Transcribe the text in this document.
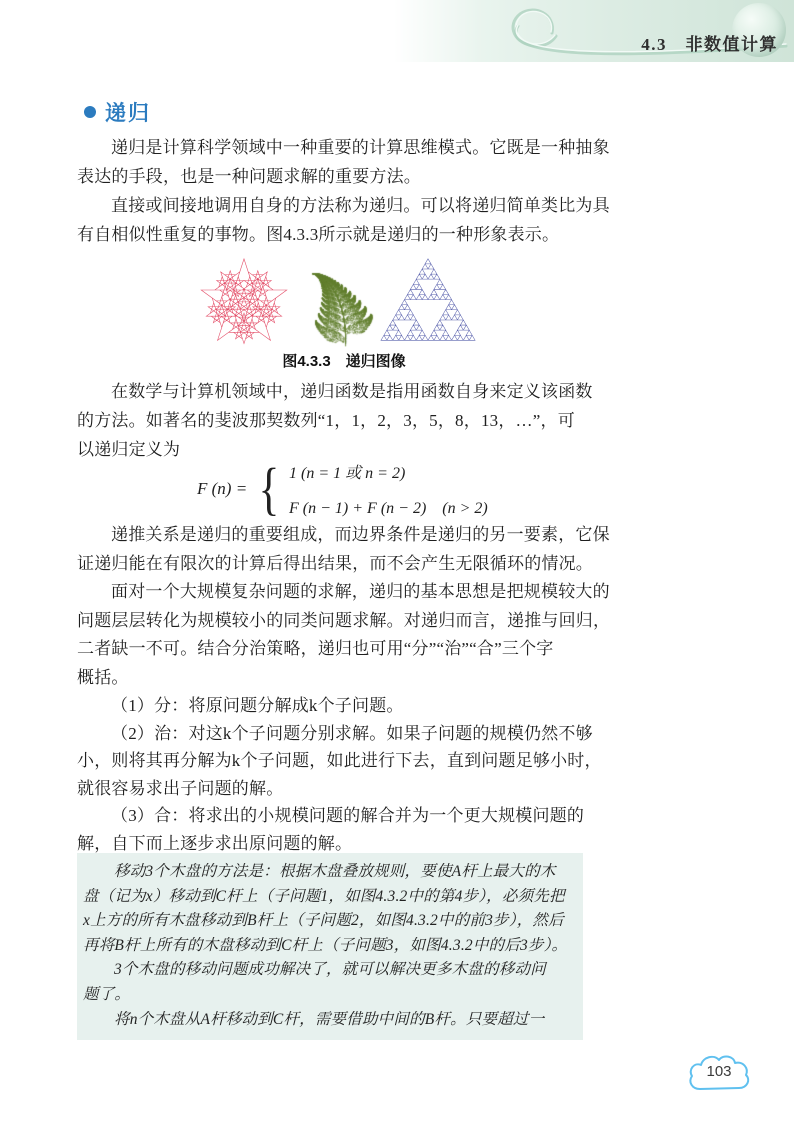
4.3　非数值计算
递归
递归是计算科学领域中一种重要的计算思维模式。它既是一种抽象
表达的手段，也是一种问题求解的重要方法。
直接或间接地调用自身的方法称为递归。可以将递归简单类比为具
有自相似性重复的事物。图4.3.3所示就是递归的一种形象表示。
图4.3.3　递归图像
在数学与计算机领域中，递归函数是指用函数自身来定义该函数
的方法。如著名的斐波那契数列“1，1，2，3，5，8，13，…”，可
以递归定义为
F (n) = { 1 (n = 1 或 n = 2)
F (n − 1) + F (n − 2)　(n > 2)
递推关系是递归的重要组成，而边界条件是递归的另一要素，它保
证递归能在有限次的计算后得出结果，而不会产生无限循环的情况。
面对一个大规模复杂问题的求解，递归的基本思想是把规模较大的
问题层层转化为规模较小的同类问题求解。对递归而言，递推与回归，
二者缺一不可。结合分治策略，递归也可用“分”“治”“合”三个字
概括。
（1）分：将原问题分解成k个子问题。
（2）治：对这k个子问题分别求解。如果子问题的规模仍然不够
小，则将其再分解为k个子问题，如此进行下去，直到问题足够小时，
就很容易求出子问题的解。
（3）合：将求出的小规模问题的解合并为一个更大规模问题的
解，自下而上逐步求出原问题的解。
移动3个木盘的方法是：根据木盘叠放规则，要使A杆上最大的木
盘（记为x）移动到C杆上（子问题1，如图4.3.2中的第4步），必须先把
x上方的所有木盘移动到B杆上（子问题2，如图4.3.2中的前3步），然后
再将B杆上所有的木盘移动到C杆上（子问题3，如图4.3.2中的后3步）。
3个木盘的移动问题成功解决了，就可以解决更多木盘的移动问
题了。
将n个木盘从A杆移动到C杆，需要借助中间的B杆。只要超过一
103
